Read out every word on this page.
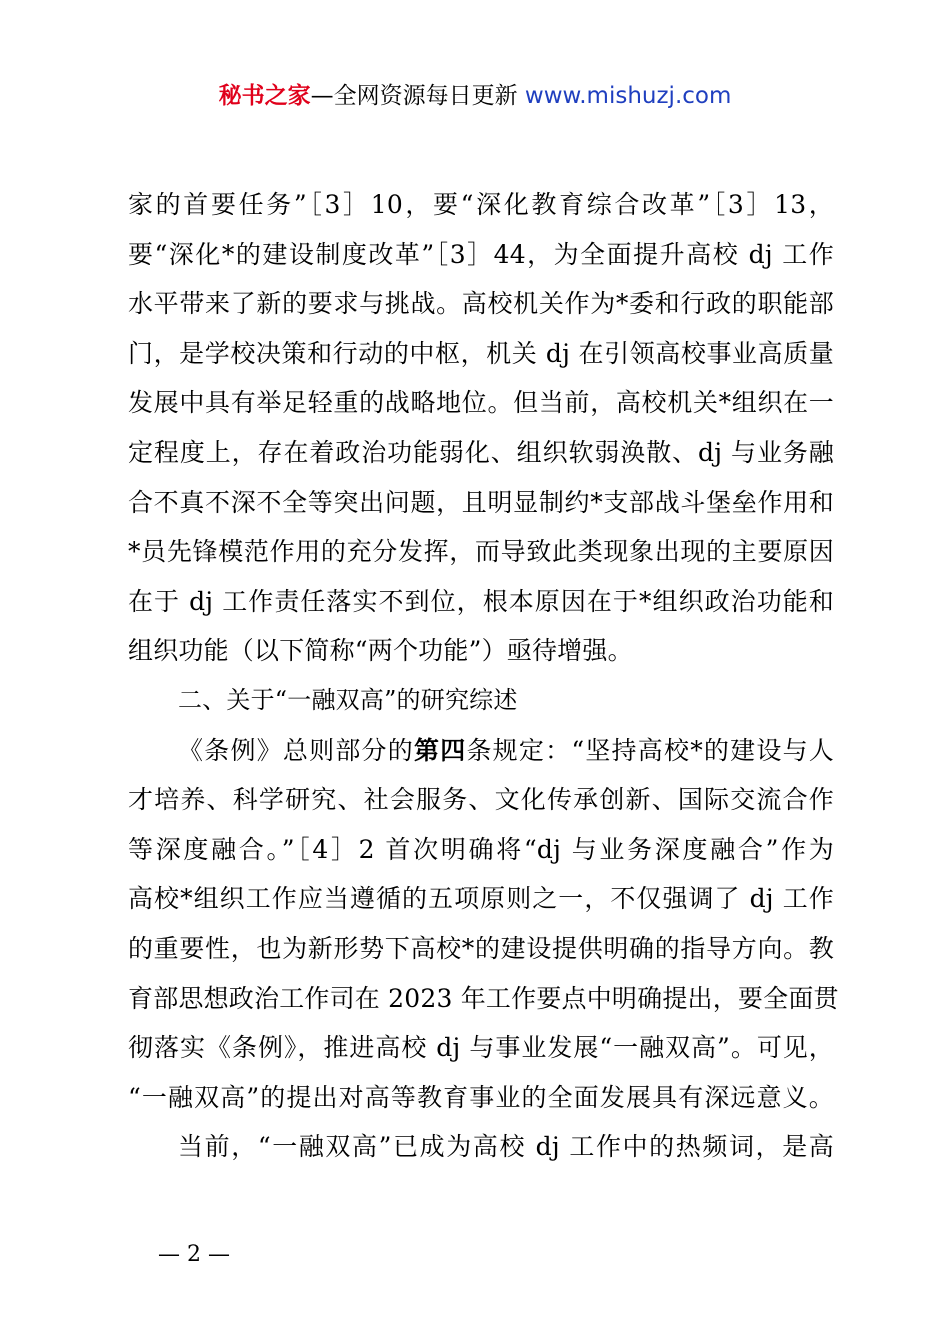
秘书之家—全网资源每日更新 www.mishuzj.com
家的首要任务”［3］10，要“深化教育综合改革”［3］13，
要“深化*的建设制度改革”［3］44，为全面提升高校 dj 工作
水平带来了新的要求与挑战。高校机关作为*委和行政的职能部
门，是学校决策和行动的中枢，机关 dj 在引领高校事业高质量
发展中具有举足轻重的战略地位。但当前，高校机关*组织在一
定程度上，存在着政治功能弱化、组织软弱涣散、dj 与业务融
合不真不深不全等突出问题，且明显制约*支部战斗堡垒作用和
*员先锋模范作用的充分发挥，而导致此类现象出现的主要原因
在于 dj 工作责任落实不到位，根本原因在于*组织政治功能和
组织功能（以下简称“两个功能”）亟待增强。
二、关于“一融双高”的研究综述
《条例》总则部分的第四条规定：“坚持高校*的建设与人
才培养、科学研究、社会服务、文化传承创新、国际交流合作
等深度融合。”［4］2 首次明确将“dj 与业务深度融合”作为
高校*组织工作应当遵循的五项原则之一，不仅强调了 dj 工作
的重要性，也为新形势下高校*的建设提供明确的指导方向。教
育部思想政治工作司在 2023 年工作要点中明确提出，要全面贯
彻落实《条例》，推进高校 dj 与事业发展“一融双高”。可见，
“一融双高”的提出对高等教育事业的全面发展具有深远意义。
当前，“一融双高”已成为高校 dj 工作中的热频词，是高
— 2 —
